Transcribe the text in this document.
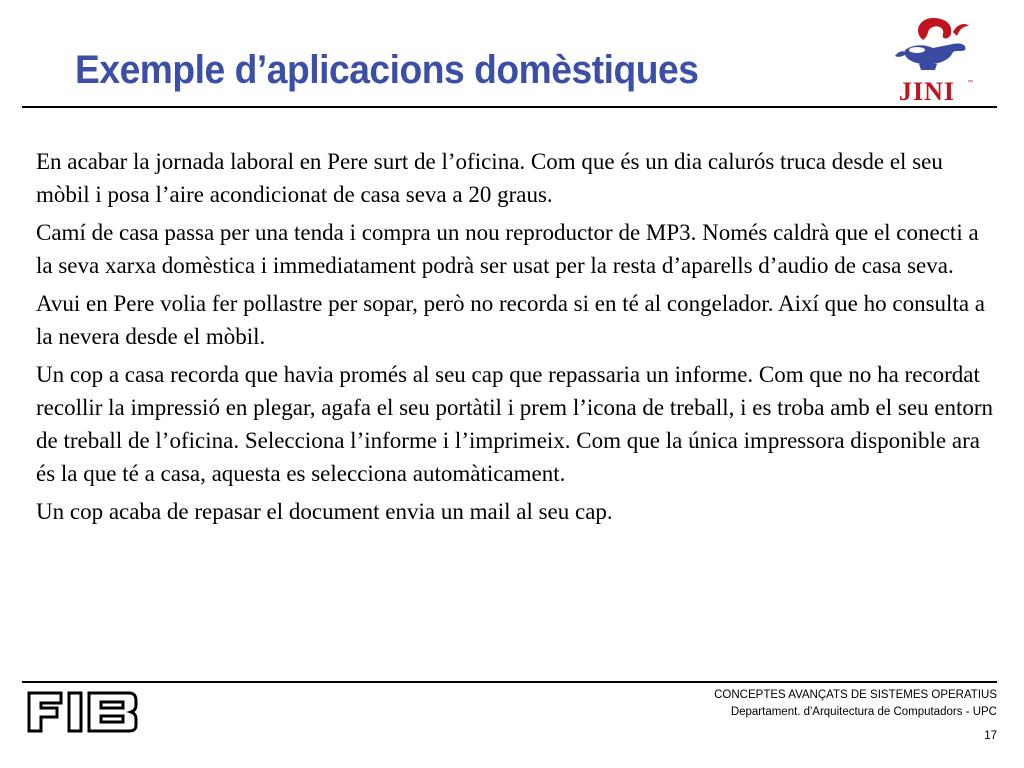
Exemple d’aplicacions domèstiques	JINI ™

En acabar la jornada laboral en Pere surt de l’oficina. Com que és un dia calurós truca desde el seu mòbil i posa l’aire acondicionat de casa seva a 20 graus.

Camí de casa passa per una tenda i compra un nou reproductor de MP3. Només caldrà que el conecti a la seva xarxa domèstica i immediatament podrà ser usat per la resta d’aparells d’audio de casa seva.

Avui en Pere volia fer pollastre per sopar, però no recorda si en té al congelador. Així que ho consulta a la nevera desde el mòbil.

Un cop a casa recorda que havia promés al seu cap que repassaria un informe. Com que no ha recordat recollir la impressió en plegar, agafa el seu portàtil i prem l’icona de treball, i es troba amb el seu entorn de treball de l’oficina. Selecciona l’informe i l’imprimeix. Com que la única impressora disponible ara és la que té a casa, aquesta es selecciona automàticament.

Un cop acaba de repasar el document envia un mail al seu cap.

CONCEPTES AVANÇATS DE SISTEMES OPERATIUS
Departament. d'Arquitectura de Computadors - UPC
17
